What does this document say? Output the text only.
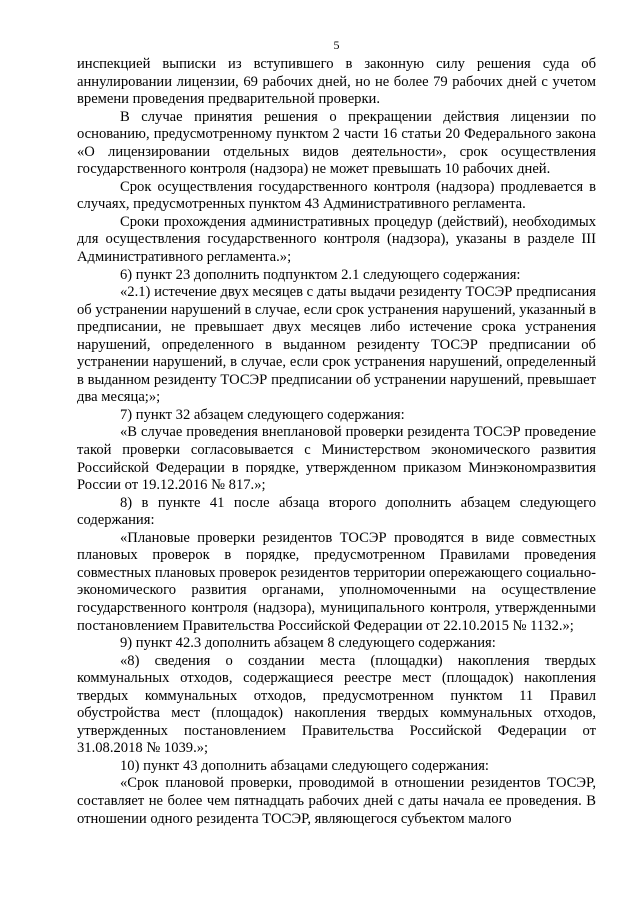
5

инспекцией выписки из вступившего в законную силу решения суда об аннулировании лицензии, 69 рабочих дней, но не более 79 рабочих дней с учетом времени проведения предварительной проверки.

В случае принятия решения о прекращении действия лицензии по основанию, предусмотренному пунктом 2 части 16 статьи 20 Федерального закона «О лицензировании отдельных видов деятельности», срок осуществления государственного контроля (надзора) не может превышать 10 рабочих дней.

Срок осуществления государственного контроля (надзора) продлевается в случаях, предусмотренных пунктом 43 Административного регламента.

Сроки прохождения административных процедур (действий), необходимых для осуществления государственного контроля (надзора), указаны в разделе III Административного регламента.»;

6) пункт 23 дополнить подпунктом 2.1 следующего содержания:

«2.1) истечение двух месяцев с даты выдачи резиденту ТОСЭР предписания об устранении нарушений в случае, если срок устранения нарушений, указанный в предписании, не превышает двух месяцев либо истечение срока устранения нарушений, определенного в выданном резиденту ТОСЭР предписании об устранении нарушений, в случае, если срок устранения нарушений, определенный в выданном резиденту ТОСЭР предписании об устранении нарушений, превышает два месяца;»;

7) пункт 32 абзацем следующего содержания:

«В случае проведения внеплановой проверки резидента ТОСЭР проведение такой проверки согласовывается с Министерством экономического развития Российской Федерации в порядке, утвержденном приказом Минэкономразвития России от 19.12.2016 № 817.»;

8) в пункте 41 после абзаца второго дополнить абзацем следующего содержания:

«Плановые проверки резидентов ТОСЭР проводятся в виде совместных плановых проверок в порядке, предусмотренном Правилами проведения совместных плановых проверок резидентов территории опережающего социально-экономического развития органами, уполномоченными на осуществление государственного контроля (надзора), муниципального контроля, утвержденными постановлением Правительства Российской Федерации от 22.10.2015 № 1132.»;

9) пункт 42.3 дополнить абзацем 8 следующего содержания:

«8) сведения о создании места (площадки) накопления твердых коммунальных отходов, содержащиеся реестре мест (площадок) накопления твердых коммунальных отходов, предусмотренном пунктом 11 Правил обустройства мест (площадок) накопления твердых коммунальных отходов, утвержденных постановлением Правительства Российской Федерации от 31.08.2018 № 1039.»;

10) пункт 43 дополнить абзацами следующего содержания:

«Срок плановой проверки, проводимой в отношении резидентов ТОСЭР, составляет не более чем пятнадцать рабочих дней с даты начала ее проведения. В отношении одного резидента ТОСЭР, являющегося субъектом малого
